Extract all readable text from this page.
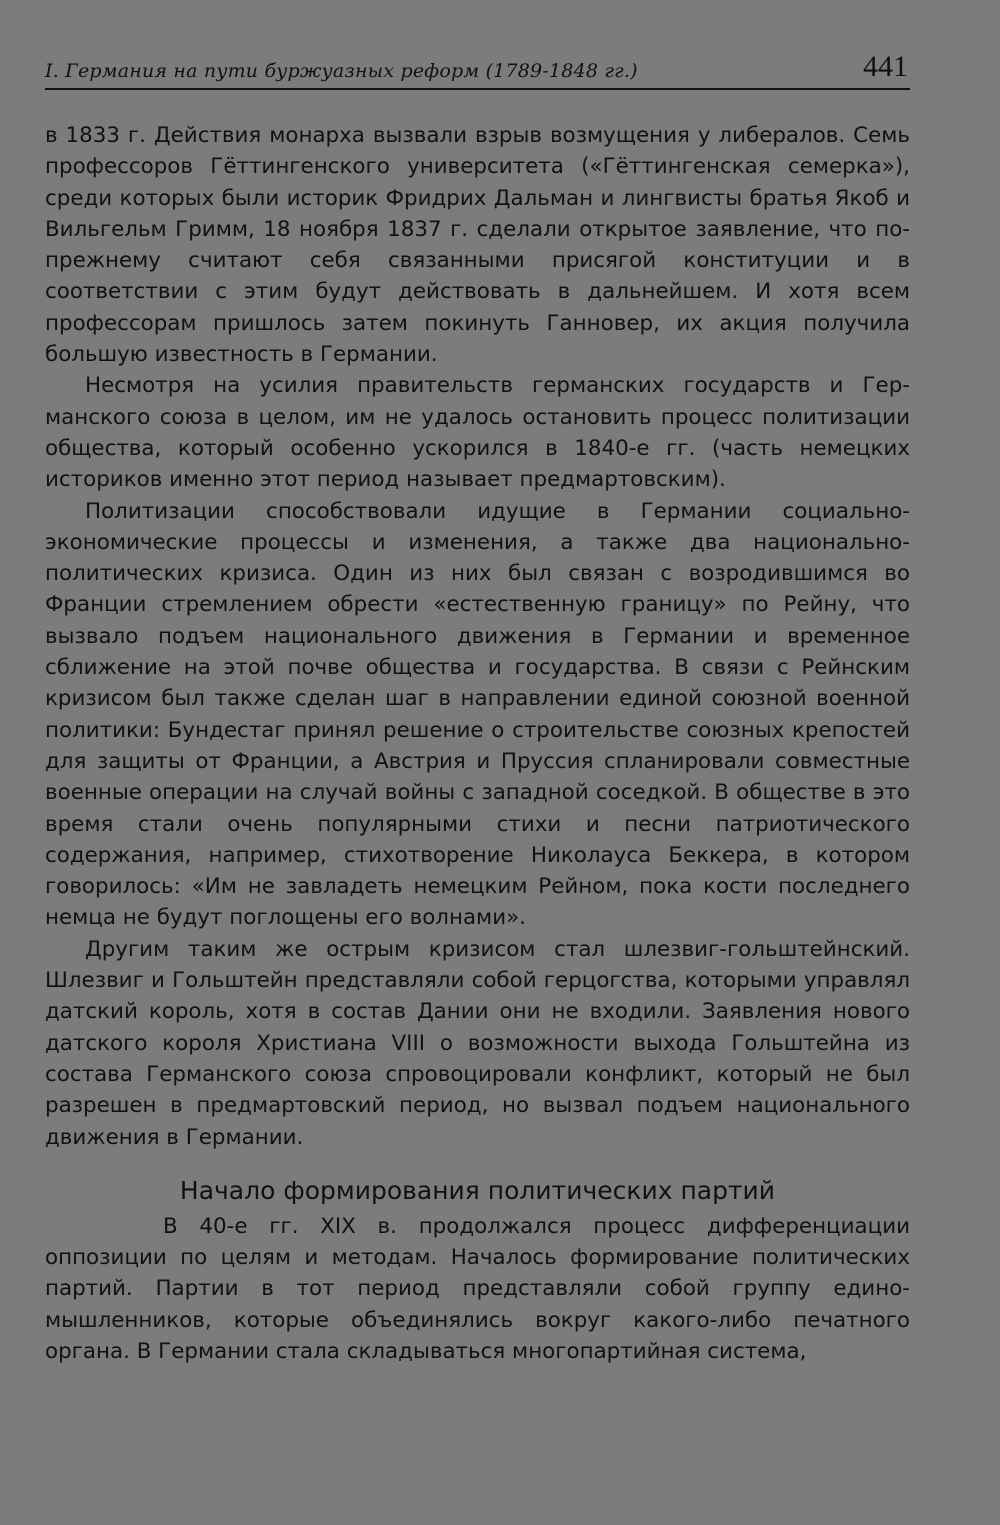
I. Германия на пути буржуазных реформ (1789-1848 гг.)	441

в 1833 г. Действия монарха вызвали взрыв возмущения у либералов. Семь профессоров Гёттингенского университета («Гёттингенская семерка»), среди которых были историк Фридрих Дальман и лингвисты братья Якоб и Вильгельм Гримм, 18 ноября 1837 г. сделали открытое заявление, что по-прежнему считают себя связанными присягой конституции и в соответствии с этим будут действовать в дальнейшем. И хотя всем профессорам пришлось затем покинуть Ганновер, их акция получила большую известность в Германии.

Несмотря на усилия правительств германских государств и Германского союза в целом, им не удалось остановить процесс политизации общества, который особенно ускорился в 1840-е гг. (часть немецких историков именно этот период называет предмартовским).

Политизации способствовали идущие в Германии социально-экономические процессы и изменения, а также два национально-политических кризиса. Один из них был связан с возродившимся во Франции стремлением обрести «естественную границу» по Рейну, что вызвало подъем национального движения в Германии и временное сближение на этой почве общества и государства. В связи с Рейнским кризисом был также сделан шаг в направлении единой союзной военной политики: Бундестаг принял решение о строительстве союзных крепостей для защиты от Франции, а Австрия и Пруссия спланировали совместные военные операции на случай войны с западной соседкой. В обществе в это время стали очень популярными стихи и песни патриотического содержания, например, стихотворение Николауса Беккера, в котором говорилось: «Им не завладеть немецким Рейном, пока кости последнего немца не будут поглощены его волнами».

Другим таким же острым кризисом стал шлезвиг-гольштейнский. Шлезвиг и Гольштейн представляли собой герцогства, которыми управлял датский король, хотя в состав Дании они не входили. Заявления нового датского короля Христиана VIII о возможности выхода Гольштейна из состава Германского союза спровоцировали конфликт, который не был разрешен в предмартовский период, но вызвал подъем национального движения в Германии.

Начало формирования политических партий

В 40-е гг. XIX в. продолжался процесс дифференциации оппозиции по целям и методам. Началось формирование политических партий. Партии в тот период представляли собой группу единомышленников, которые объединялись вокруг какого-либо печатного органа. В Германии стала складываться многопартийная система,
